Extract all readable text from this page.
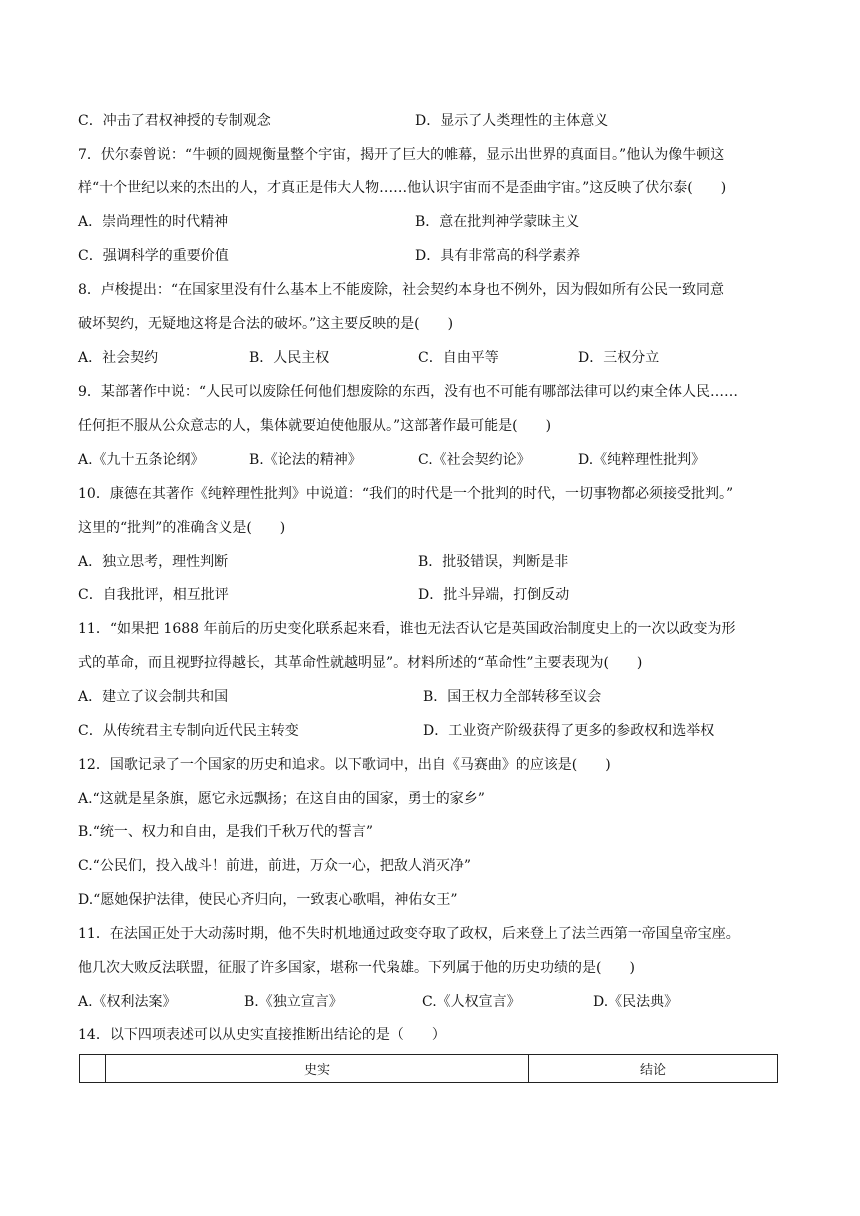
C．冲击了君权神授的专制观念	D．显示了人类理性的主体意义
7．伏尔泰曾说：“牛顿的圆规衡量整个宇宙，揭开了巨大的帷幕，显示出世界的真面目。”他认为像牛顿这
样“十个世纪以来的杰出的人，才真正是伟大人物……他认识宇宙而不是歪曲宇宙。”这反映了伏尔泰(　　)
A．崇尚理性的时代精神	B．意在批判神学蒙昧主义
C．强调科学的重要价值	D．具有非常高的科学素养
8．卢梭提出：“在国家里没有什么基本上不能废除，社会契约本身也不例外，因为假如所有公民一致同意
破坏契约，无疑地这将是合法的破坏。”这主要反映的是(　　)
A．社会契约	B．人民主权	C．自由平等	D．三权分立
9．某部著作中说：“人民可以废除任何他们想废除的东西，没有也不可能有哪部法律可以约束全体人民……
任何拒不服从公众意志的人，集体就要迫使他服从。”这部著作最可能是(　　)
A.《九十五条论纲》	B.《论法的精神》	C.《社会契约论》	D.《纯粹理性批判》
10．康德在其著作《纯粹理性批判》中说道：“我们的时代是一个批判的时代，一切事物都必须接受批判。”
这里的“批判”的准确含义是(　　)
A．独立思考，理性判断	B．批驳错误，判断是非
C．自我批评，相互批评	D．批斗异端，打倒反动
11．“如果把 1688 年前后的历史变化联系起来看，谁也无法否认它是英国政治制度史上的一次以政变为形
式的革命，而且视野拉得越长，其革命性就越明显”。材料所述的“革命性”主要表现为(　　)
A．建立了议会制共和国	B．国王权力全部转移至议会
C．从传统君主专制向近代民主转变	D．工业资产阶级获得了更多的参政权和选举权
12．国歌记录了一个国家的历史和追求。以下歌词中，出自《马赛曲》的应该是(　　)
A.“这就是星条旗，愿它永远飘扬；在这自由的国家，勇士的家乡”
B.“统一、权力和自由，是我们千秋万代的誓言”
C.“公民们，投入战斗！前进，前进，万众一心，把敌人消灭净”
D.“愿她保护法律，使民心齐归向，一致衷心歌唱，神佑女王”
11．在法国正处于大动荡时期，他不失时机地通过政变夺取了政权，后来登上了法兰西第一帝国皇帝宝座。
他几次大败反法联盟，征服了许多国家，堪称一代枭雄。下列属于他的历史功绩的是(　　)
A.《权利法案》	B.《独立宣言》	C.《人权宣言》	D.《民法典》
14．以下四项表述可以从史实直接推断出结论的是（　　）
	史实	结论
